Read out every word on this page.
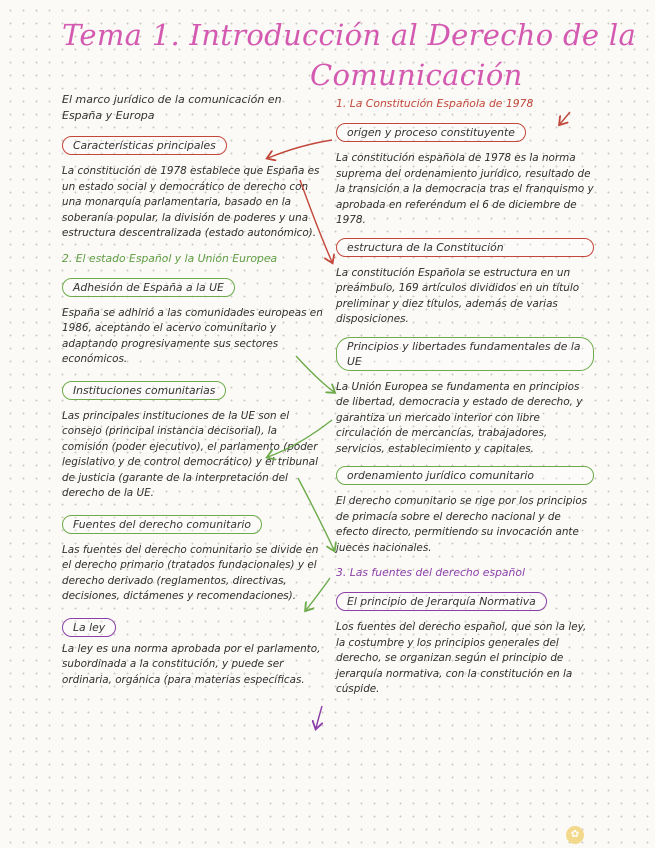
Tema 1. Introducción al Derecho de la
Comunicación

El marco jurídico de la comunicación en España y Europa

Características principales

La constitución de 1978 establece que España es un estado social y democrático de derecho con una monarquía parlamentaria, basado en la soberanía popular, la división de poderes y una estructura descentralizada (estado autonómico).

2. El estado Español y la Unión Europea
Adhesión de España a la UE

España se adhirió a las comunidades europeas en 1986, aceptando el acervo comunitario y adaptando progresivamente sus sectores económicos.

Instituciones comunitarias

Las principales instituciones de la UE son el consejo (principal instancia decisorial), la comisión (poder ejecutivo), el parlamento (poder legislativo y de control democrático) y el tribunal de justicia (garante de la interpretación del derecho de la UE.

Fuentes del derecho comunitario

Las fuentes del derecho comunitario se divide en el derecho primario (tratados fundacionales) y el derecho derivado (reglamentos, directivas, decisiones, dictámenes y recomendaciones).

La ley

La ley es una norma aprobada por el parlamento, subordinada a la constitución, y puede ser ordinaria, orgánica (para materias específicas.

1. La Constitución Española de 1978
origen y proceso constituyente

La constitución española de 1978 es la norma suprema del ordenamiento jurídico, resultado de la transición a la democracia tras el franquismo y aprobada en referéndum el 6 de diciembre de 1978.

estructura de la Constitución

La constitución Española se estructura en un preámbulo, 169 artículos divididos en un título preliminar y diez títulos, además de varias disposiciones.

Principios y libertades fundamentales de la UE

La Unión Europea se fundamenta en principios de libertad, democracia y estado de derecho, y garantiza un mercado interior con libre circulación de mercancías, trabajadores, servicios, establecimiento y capitales.

ordenamiento jurídico comunitario

El derecho comunitario se rige por los principios de primacía sobre el derecho nacional y de efecto directo, permitiendo su invocación ante jueces nacionales.

3. Las fuentes del derecho español
El principio de Jerarquía Normativa

Los fuentes del derecho español, que son la ley, la costumbre y los principios generales del derecho, se organizan según el principio de jerarquía normativa, con la constitución en la cúspide.

✿
